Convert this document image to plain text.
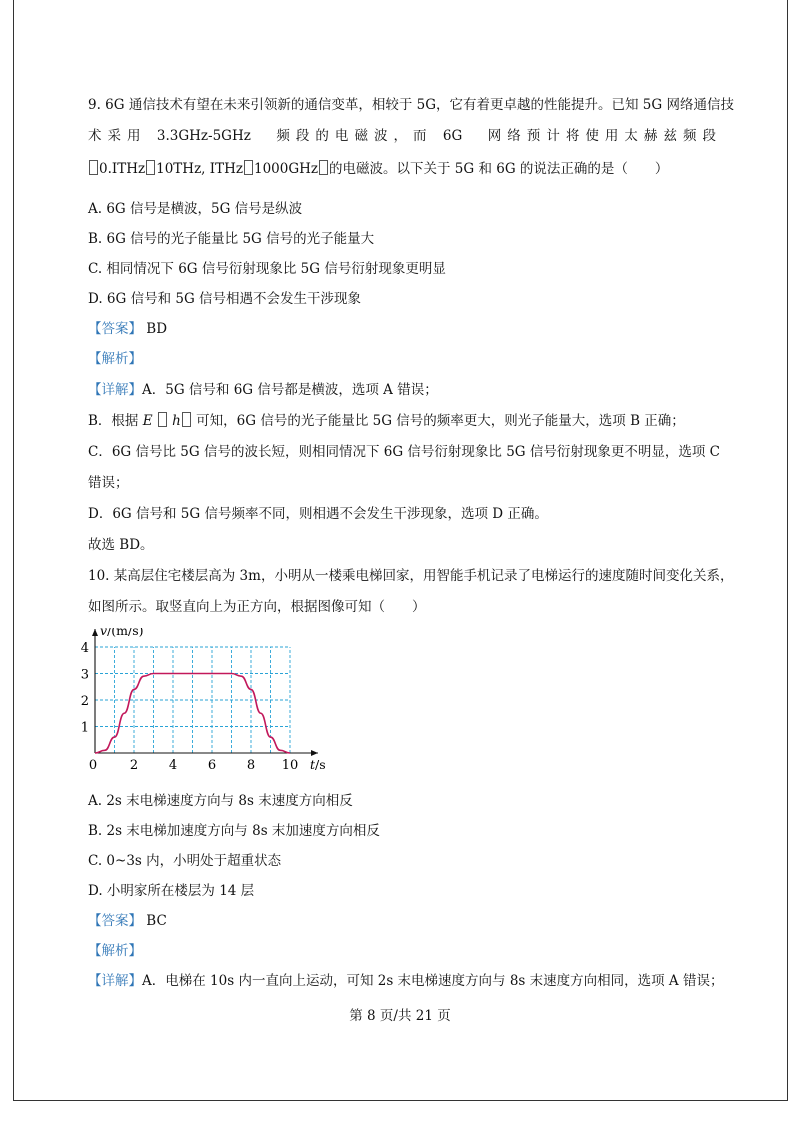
9. 6G 通信技术有望在未来引领新的通信变革，相较于 5G，它有着更卓越的性能提升。已知 5G 网络通信技
术采用 3.3GHz-5GHz　频段的电磁波，而 6G　网络预计将使用太赫兹频段
0.ITHz 10THz, ITHz 1000GHz 的电磁波。以下关于 5G 和 6G 的说法正确的是（　　）
A. 6G 信号是横波，5G 信号是纵波
B. 6G 信号的光子能量比 5G 信号的光子能量大
C. 相同情况下 6G 信号衍射现象比 5G 信号衍射现象更明显
D. 6G 信号和 5G 信号相遇不会发生干涉现象
【答案】 BD
【解析】
【详解】A．5G 信号和 6G 信号都是横波，选项 A 错误；
B．根据 E h 可知，6G 信号的光子能量比 5G 信号的频率更大，则光子能量大，选项 B 正确；
C．6G 信号比 5G 信号的波长短，则相同情况下 6G 信号衍射现象比 5G 信号衍射现象更不明显，选项 C
错误；
D．6G 信号和 5G 信号频率不同，则相遇不会发生干涉现象，选项 D 正确。
故选 BD。
10. 某高层住宅楼层高为 3m，小明从一楼乘电梯回家，用智能手机记录了电梯运行的速度随时间变化关系，
如图所示。取竖直向上为正方向，根据图像可知（　　）
0	2 4 6 8 10
1
2
3
4
v/(m/s)
t/s
A. 2s 末电梯速度方向与 8s 末速度方向相反
B. 2s 末电梯加速度方向与 8s 末加速度方向相反
C. 0~3s 内，小明处于超重状态
D. 小明家所在楼层为 14 层
【答案】 BC
【解析】
【详解】A．电梯在 10s 内一直向上运动，可知 2s 末电梯速度方向与 8s 末速度方向相同，选项 A 错误；
第 8 页/共 21 页
